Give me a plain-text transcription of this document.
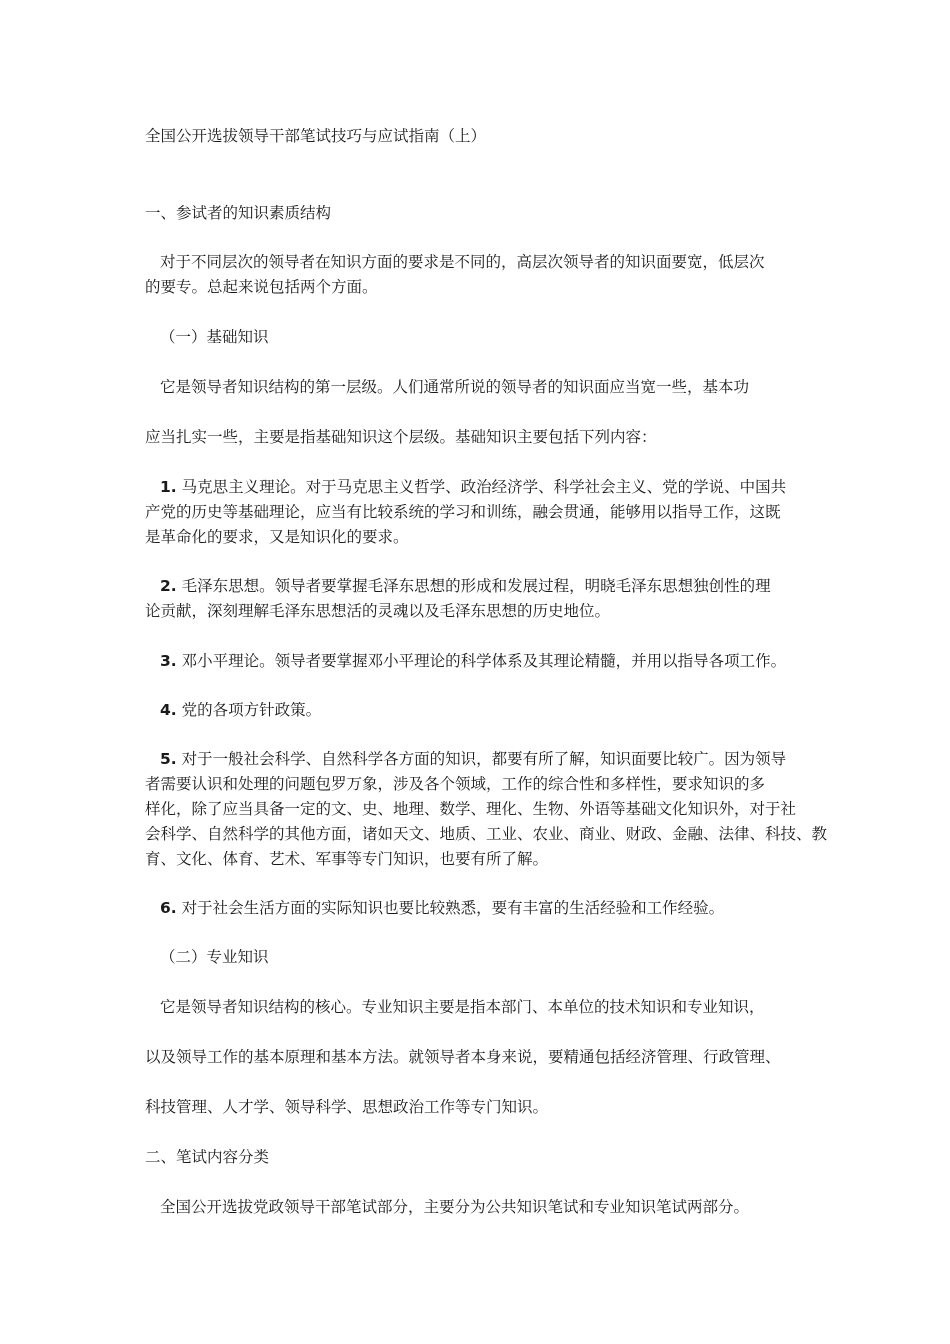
全国公开选拔领导干部笔试技巧与应试指南（上）

一、参试者的知识素质结构

对于不同层次的领导者在知识方面的要求是不同的，高层次领导者的知识面要宽，低层次

的要专。总起来说包括两个方面。

（一）基础知识

它是领导者知识结构的第一层级。人们通常所说的领导者的知识面应当宽一些，基本功

应当扎实一些，主要是指基础知识这个层级。基础知识主要包括下列内容：

1. 马克思主义理论。对于马克思主义哲学、政治经济学、科学社会主义、党的学说、中国共

产党的历史等基础理论，应当有比较系统的学习和训练，融会贯通，能够用以指导工作，这既

是革命化的要求，又是知识化的要求。

2. 毛泽东思想。领导者要掌握毛泽东思想的形成和发展过程，明晓毛泽东思想独创性的理

论贡献，深刻理解毛泽东思想活的灵魂以及毛泽东思想的历史地位。

3. 邓小平理论。领导者要掌握邓小平理论的科学体系及其理论精髓，并用以指导各项工作。

4. 党的各项方针政策。

5. 对于一般社会科学、自然科学各方面的知识，都要有所了解，知识面要比较广。因为领导

者需要认识和处理的问题包罗万象，涉及各个领域，工作的综合性和多样性，要求知识的多

样化，除了应当具备一定的文、史、地理、数学、理化、生物、外语等基础文化知识外，对于社

会科学、自然科学的其他方面，诸如天文、地质、工业、农业、商业、财政、金融、法律、科技、教

育、文化、体育、艺术、军事等专门知识，也要有所了解。

6. 对于社会生活方面的实际知识也要比较熟悉，要有丰富的生活经验和工作经验。

（二）专业知识

它是领导者知识结构的核心。专业知识主要是指本部门、本单位的技术知识和专业知识，

以及领导工作的基本原理和基本方法。就领导者本身来说，要精通包括经济管理、行政管理、

科技管理、人才学、领导科学、思想政治工作等专门知识。

二、笔试内容分类

全国公开选拔党政领导干部笔试部分，主要分为公共知识笔试和专业知识笔试两部分。
